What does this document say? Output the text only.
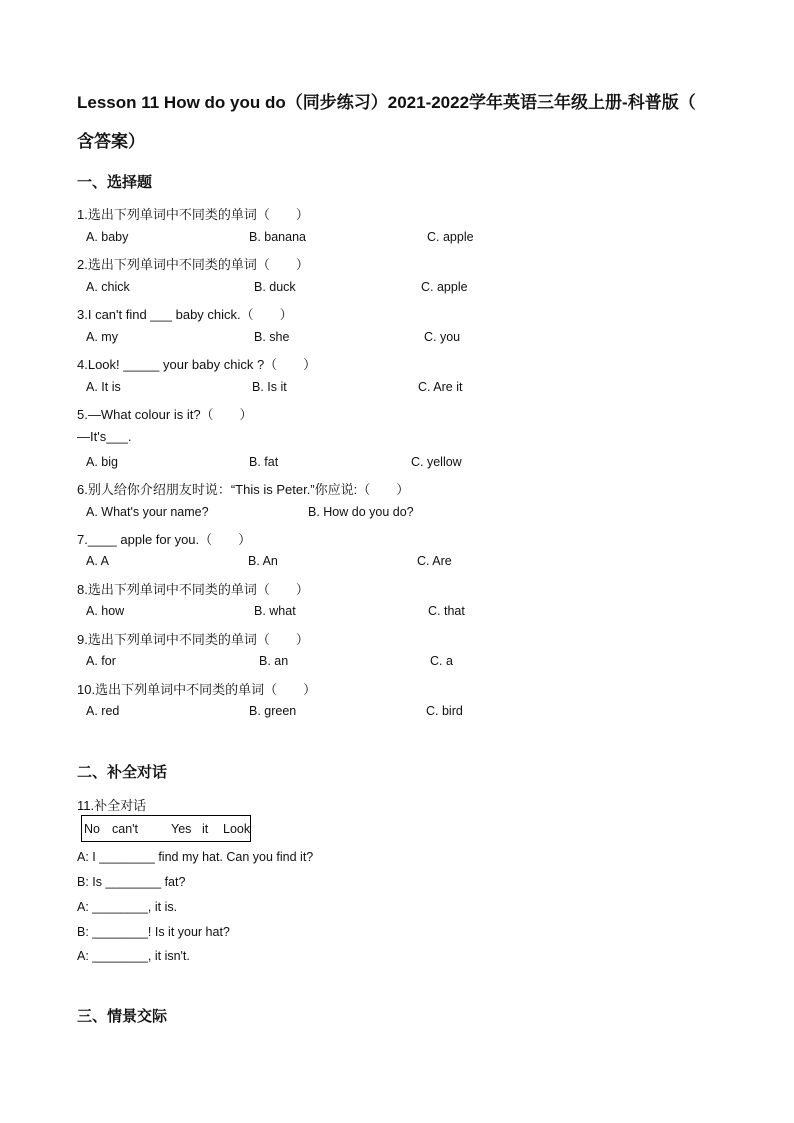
Lesson 11 How do you do（同步练习）2021-2022学年英语三年级上册-科普版（
含答案）
一、选择题
1.选出下列单词中不同类的单词（　　）
A. baby	B. banana	C. apple
2.选出下列单词中不同类的单词（　　）
A. chick	B. duck	C. apple
3.I can't find ___ baby chick.（　　）
A. my	B. she	C. you
4.Look! _____ your baby chick ?（　　）
A. It is	B. Is it	C. Are it
5.—What colour is it?（　　）
—It's___.
A. big	B. fat	C. yellow
6.别人给你介绍朋友时说：“This is Peter.”你应说:（　　）
A. What's your name?	B. How do you do?
7.____ apple for you.（　　）
A. A	B. An	C. Are
8.选出下列单词中不同类的单词（　　）
A. how	B. what	C. that
9.选出下列单词中不同类的单词（　　）
A. for	B. an	C. a
10.选出下列单词中不同类的单词（　　）
A. red	B. green	C. bird
二、补全对话
11.补全对话
No can't	Yes it Look
A: I ________ find my hat. Can you find it?
B: Is ________ fat?
A: ________, it is.
B: ________! Is it your hat?
A: ________, it isn't.
三、情景交际
